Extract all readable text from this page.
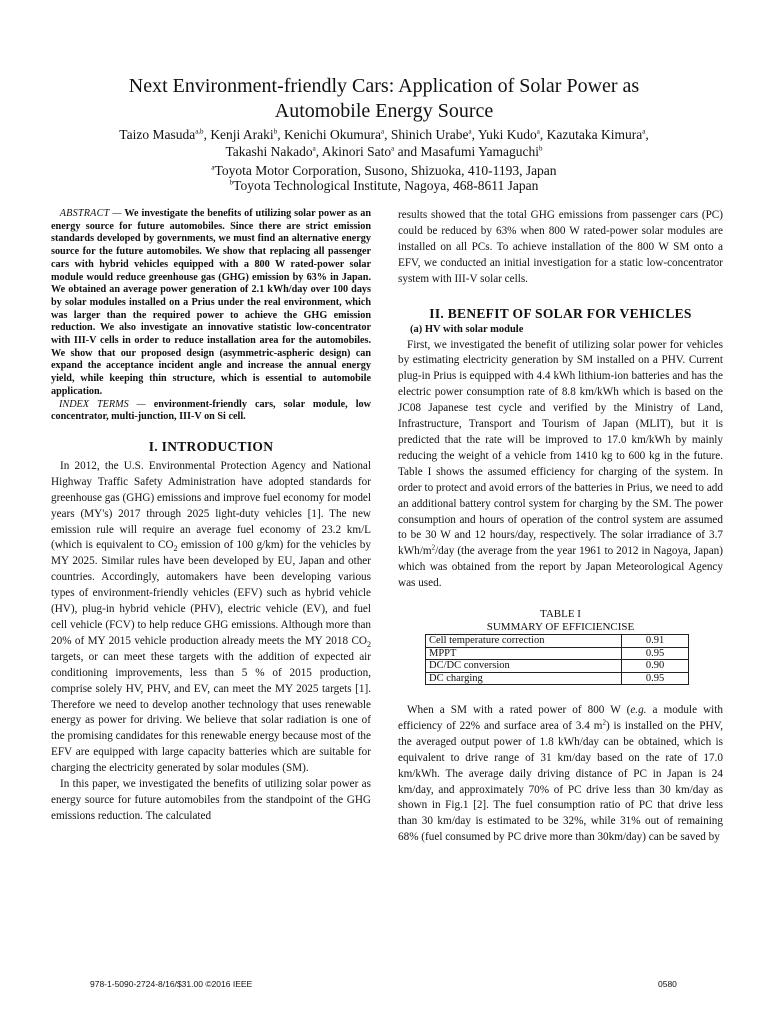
Next Environment-friendly Cars: Application of Solar Power as
Automobile Energy Source
Taizo Masuda$^{a,b}$, Kenji Araki$^b$, Kenichi Okumura$^a$, Shinich Urabe$^a$, Yuki Kudo$^a$, Kazutaka Kimura$^a$,
Takashi Nakado$^a$, Akinori Sato$^a$ and Masafumi Yamaguchi$^b$
$^a$Toyota Motor Corporation, Susono, Shizuoka, 410-1193, Japan
$^b$Toyota Technological Institute, Nagoya, 468-8611 Japan

ABSTRACT — We investigate the benefits of utilizing solar power as an energy source for future automobiles. Since there are strict emission standards developed by governments, we must find an alternative energy source for the future automobiles. We show that replacing all passenger cars with hybrid vehicles equipped with a 800 W rated-power solar module would reduce greenhouse gas (GHG) emission by 63% in Japan. We obtained an average power generation of 2.1 kWh/day over 100 days by solar modules installed on a Prius under the real environment, which was larger than the required power to achieve the GHG emission reduction. We also investigate an innovative statistic low-concentrator with III-V cells in order to reduce installation area for the automobiles. We show that our proposed design (asymmetric-aspheric design) can expand the acceptance incident angle and increase the annual energy yield, while keeping thin structure, which is essential to automobile application.

INDEX TERMS — environment-friendly cars, solar module, low concentrator, multi-junction, III-V on Si cell.

I. INTRODUCTION

In 2012, the U.S. Environmental Protection Agency and National Highway Traffic Safety Administration have adopted standards for greenhouse gas (GHG) emissions and improve fuel economy for model years (MY's) 2017 through 2025 light-duty vehicles [1]. The new emission rule will require an average fuel economy of 23.2 km/L (which is equivalent to $CO_2$ emission of 100 g/km) for the vehicles by MY 2025. Similar rules have been developed by EU, Japan and other countries. Accordingly, automakers have been developing various types of environment-friendly vehicles (EFV) such as hybrid vehicle (HV), plug-in hybrid vehicle (PHV), electric vehicle (EV), and fuel cell vehicle (FCV) to help reduce GHG emissions. Although more than 20% of MY 2015 vehicle production already meets the MY 2018 $CO_2$ targets, or can meet these targets with the addition of expected air conditioning improvements, less than 5 % of 2015 production, comprise solely HV, PHV, and EV, can meet the MY 2025 targets [1]. Therefore we need to develop another technology that uses renewable energy as power for driving. We believe that solar radiation is one of the promising candidates for this renewable energy because most of the EFV are equipped with large capacity batteries which are suitable for charging the electricity generated by solar modules (SM).

In this paper, we investigated the benefits of utilizing solar power as energy source for future automobiles from the standpoint of the GHG emissions reduction. The calculated

results showed that the total GHG emissions from passenger cars (PC) could be reduced by 63% when 800 W rated-power solar modules are installed on all PCs. To achieve installation of the 800 W SM onto a EFV, we conducted an initial investigation for a static low-concentrator system with III-V solar cells.

II. BENEFIT OF SOLAR FOR VEHICLES

(a) HV with solar module

First, we investigated the benefit of utilizing solar power for vehicles by estimating electricity generation by SM installed on a PHV. Current plug-in Prius is equipped with 4.4 kWh lithium-ion batteries and has the electric power consumption rate of 8.8 km/kWh which is based on the JC08 Japanese test cycle and verified by the Ministry of Land, Infrastructure, Transport and Tourism of Japan (MLIT), but it is predicted that the rate will be improved to 17.0 km/kWh by mainly reducing the weight of a vehicle from 1410 kg to 600 kg in the future. Table I shows the assumed efficiency for charging of the system. In order to protect and avoid errors of the batteries in Prius, we need to add an additional battery control system for charging by the SM. The power consumption and hours of operation of the control system are assumed to be 30 W and 12 hours/day, respectively. The solar irradiance of 3.7 kWh/$m^2$/day (the average from the year 1961 to 2012 in Nagoya, Japan) which was obtained from the report by Japan Meteorological Agency was used.

TABLE I

SUMMARY OF EFFICIENCISE

Cell temperature correction	0.91
MPPT	0.95
DC/DC conversion	0.90
DC charging	0.95

When a SM with a rated power of 800 W (e.g. a module with efficiency of 22% and surface area of 3.4 $m^2$) is installed on the PHV, the averaged output power of 1.8 kWh/day can be obtained, which is equivalent to drive range of 31 km/day based on the rate of 17.0 km/kWh. The average daily driving distance of PC in Japan is 24 km/day, and approximately 70% of PC drive less than 30 km/day as shown in Fig.1 [2]. The fuel consumption ratio of PC that drive less than 30 km/day is estimated to be 32%, while 31% out of remaining 68% (fuel consumed by PC drive more than 30km/day) can be saved by

978-1-5090-2724-8/16/$31.00 ©2016 IEEE	0580
